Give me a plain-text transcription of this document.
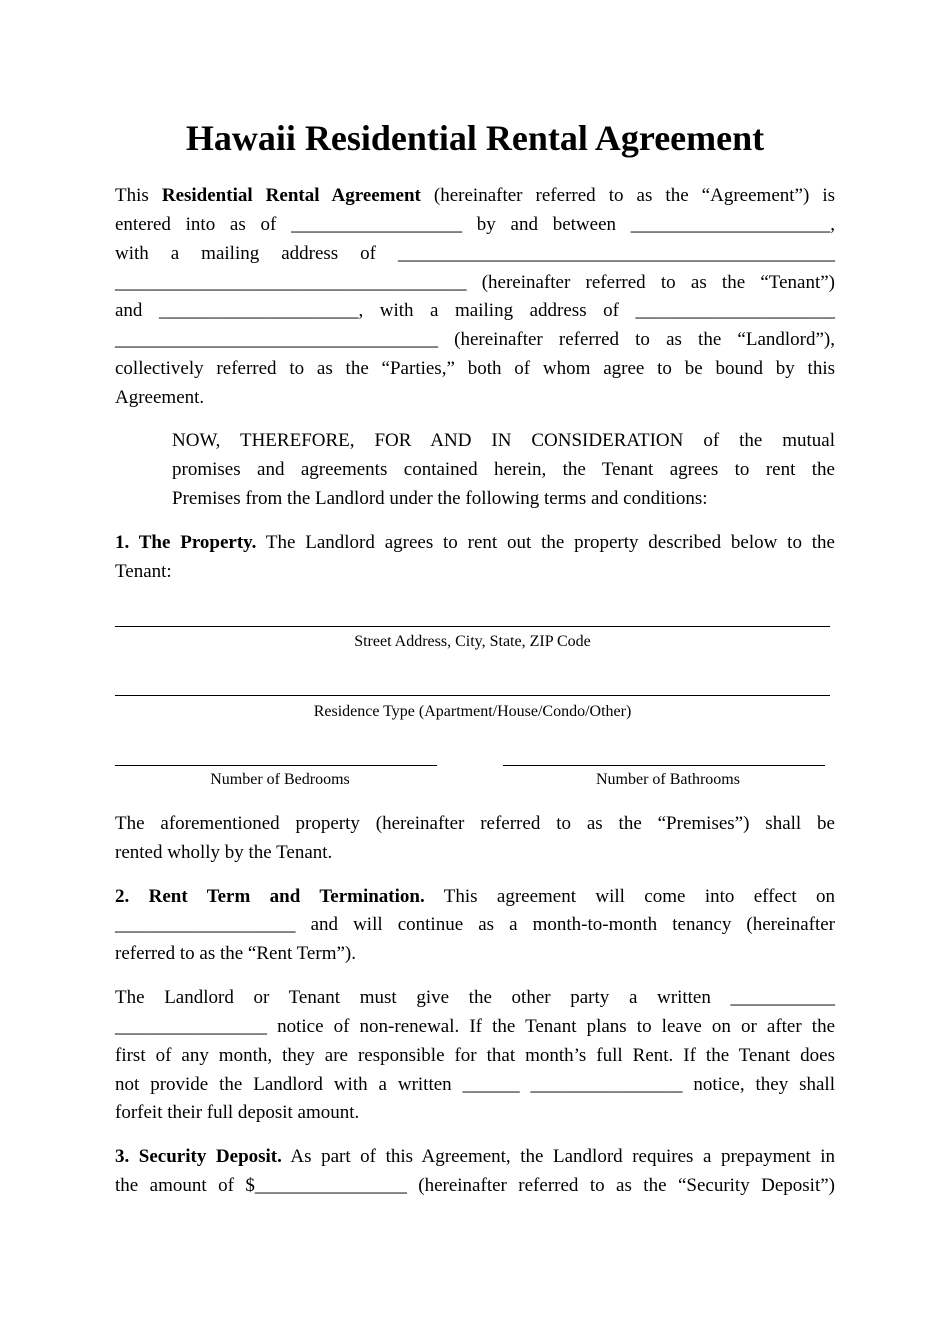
Hawaii Residential Rental Agreement
This Residential Rental Agreement (hereinafter referred to as the “Agreement”) is
entered into as of __________________ by and between _____________________,
with a mailing address of ______________________________________________
_____________________________________ (hereinafter referred to as the “Tenant”)
and _____________________, with a mailing address of _____________________
__________________________________ (hereinafter referred to as the “Landlord”),
collectively referred to as the “Parties,” both of whom agree to be bound by this
Agreement.
NOW, THEREFORE, FOR AND IN CONSIDERATION of the mutual
promises and agreements contained herein, the Tenant agrees to rent the
Premises from the Landlord under the following terms and conditions:
1. The Property. The Landlord agrees to rent out the property described below to the
Tenant:
Street Address, City, State, ZIP Code
Residence Type (Apartment/House/Condo/Other)
Number of Bedrooms	Number of Bathrooms
The aforementioned property (hereinafter referred to as the “Premises”) shall be
rented wholly by the Tenant.
2. Rent Term and Termination. This agreement will come into effect on
___________________ and will continue as a month-to-month tenancy (hereinafter
referred to as the “Rent Term”).
The Landlord or Tenant must give the other party a written ___________
________________ notice of non-renewal. If the Tenant plans to leave on or after the
first of any month, they are responsible for that month’s full Rent. If the Tenant does
not provide the Landlord with a written ______ ________________ notice, they shall
forfeit their full deposit amount.
3. Security Deposit. As part of this Agreement, the Landlord requires a prepayment in
the amount of $________________ (hereinafter referred to as the “Security Deposit”)
